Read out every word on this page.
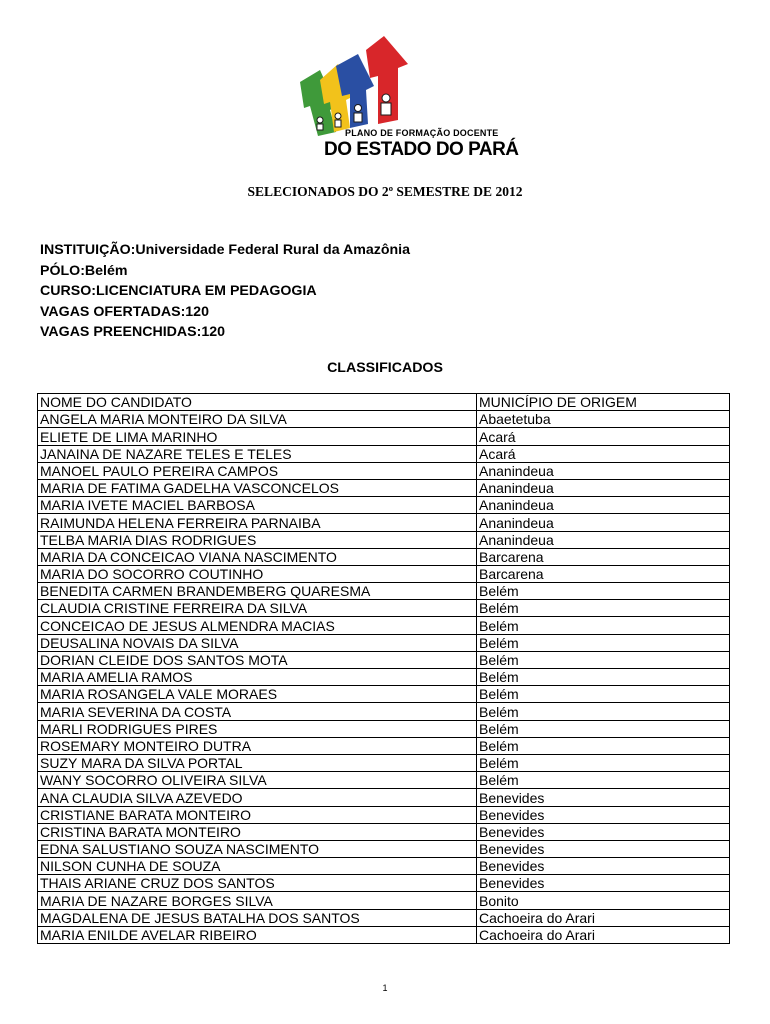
PLANO DE FORMAÇÃO DOCENTE
DO ESTADO DO PARÁ
SELECIONADOS DO 2º SEMESTRE DE 2012
INSTITUIÇÃO:Universidade Federal Rural da Amazônia
PÓLO:Belém
CURSO:LICENCIATURA EM PEDAGOGIA
VAGAS OFERTADAS:120
VAGAS PREENCHIDAS:120
CLASSIFICADOS
NOME DO CANDIDATO	MUNICÍPIO DE ORIGEM
ANGELA MARIA MONTEIRO DA SILVA	Abaetetuba
ELIETE DE LIMA MARINHO	Acará
JANAINA DE NAZARE TELES E TELES	Acará
MANOEL PAULO PEREIRA CAMPOS	Ananindeua
MARIA DE FATIMA GADELHA VASCONCELOS	Ananindeua
MARIA IVETE MACIEL BARBOSA	Ananindeua
RAIMUNDA HELENA FERREIRA PARNAIBA	Ananindeua
TELBA MARIA DIAS RODRIGUES	Ananindeua
MARIA DA CONCEICAO VIANA NASCIMENTO	Barcarena
MARIA DO SOCORRO COUTINHO	Barcarena
BENEDITA CARMEN BRANDEMBERG QUARESMA	Belém
CLAUDIA CRISTINE FERREIRA DA SILVA	Belém
CONCEICAO DE JESUS ALMENDRA MACIAS	Belém
DEUSALINA NOVAIS DA SILVA	Belém
DORIAN CLEIDE DOS SANTOS MOTA	Belém
MARIA AMELIA RAMOS	Belém
MARIA ROSANGELA VALE MORAES	Belém
MARIA SEVERINA DA COSTA	Belém
MARLI RODRIGUES PIRES	Belém
ROSEMARY MONTEIRO DUTRA	Belém
SUZY MARA DA SILVA PORTAL	Belém
WANY SOCORRO OLIVEIRA SILVA	Belém
ANA CLAUDIA SILVA AZEVEDO	Benevides
CRISTIANE BARATA MONTEIRO	Benevides
CRISTINA BARATA MONTEIRO	Benevides
EDNA SALUSTIANO SOUZA NASCIMENTO	Benevides
NILSON CUNHA DE SOUZA	Benevides
THAIS ARIANE CRUZ DOS SANTOS	Benevides
MARIA DE NAZARE BORGES SILVA	Bonito
MAGDALENA DE JESUS BATALHA DOS SANTOS	Cachoeira do Arari
MARIA ENILDE AVELAR RIBEIRO	Cachoeira do Arari
1
